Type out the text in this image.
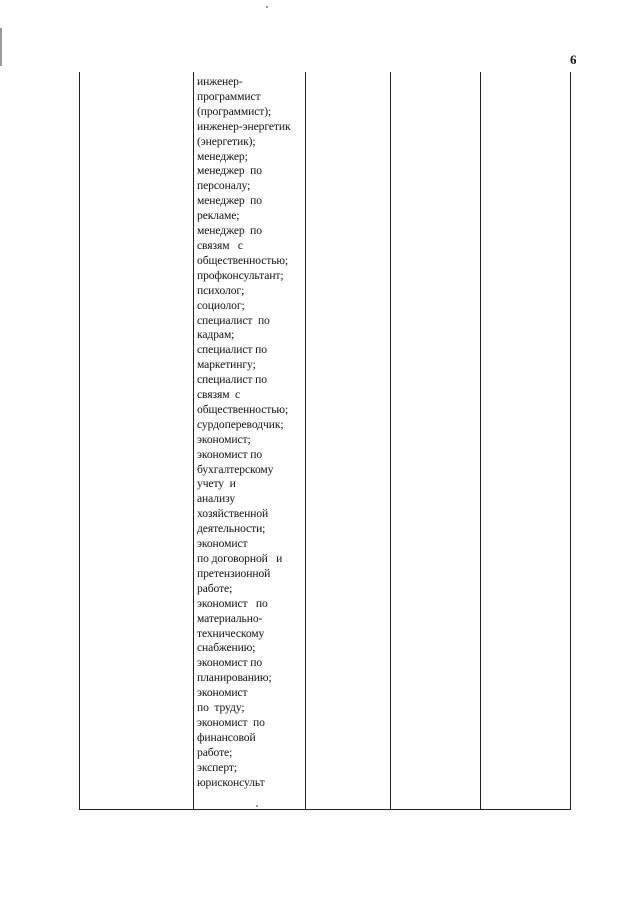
6
инженер-
программист
(программист);
инженер-энергетик
(энергетик);
менеджер;
менеджер  по
персоналу;
менеджер  по
рекламе;
менеджер  по
связям   с
общественностью;
профконсультант;
психолог;
социолог;
специалист  по
кадрам;
специалист по
маркетингу;
специалист по
связям  с
общественностью;
сурдопереводчик;
экономист;
экономист по
бухгалтерскому
учету  и
анализу
хозяйственной
деятельности;
экономист
по договорной   и
претензионной
работе;
экономист   по
материально-
техническому
снабжению;
экономист по
планированию;
экономист
по  труду;
экономист  по
финансовой
работе;
эксперт;
юрисконсульт
